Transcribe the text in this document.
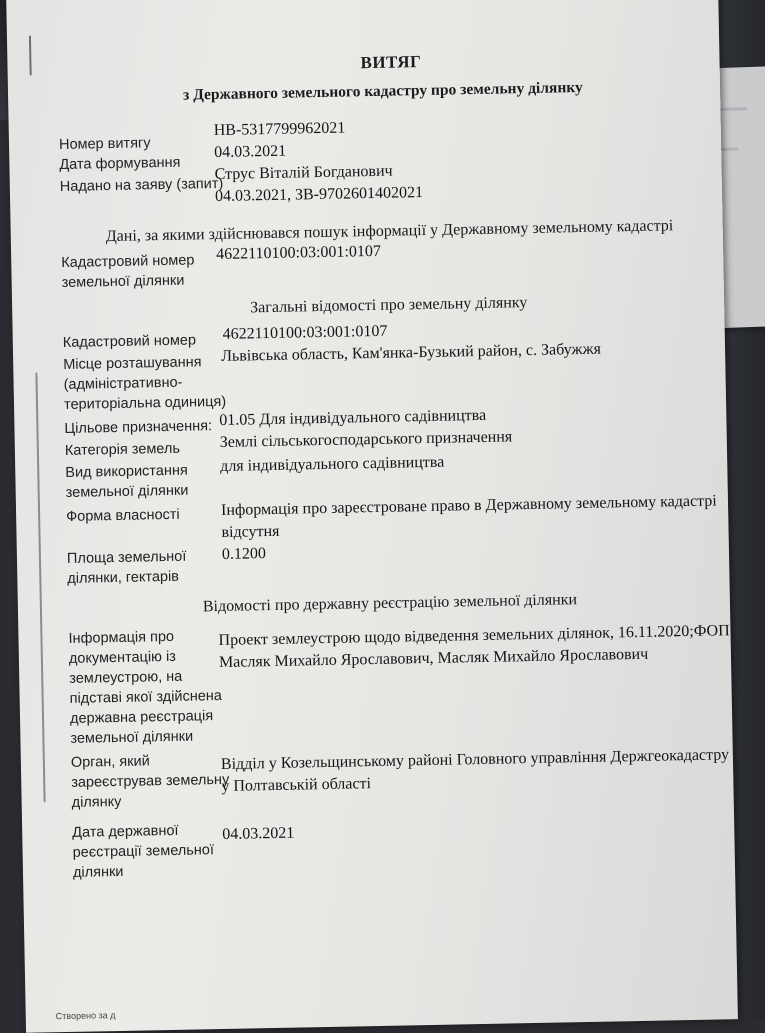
ВИТЯГ
з Державного земельного кадастру про земельну ділянку
Номер витягу
НВ-5317799962021
Дата формування
04.03.2021
Надано на заяву (запит)
Струс Віталій Богданович
04.03.2021, ЗВ-9702601402021
Дані, за якими здійснювався пошук інформації у Державному земельному кадастрі
Кадастровий номер
земельної ділянки
4622110100:03:001:0107
Загальні відомості про земельну ділянку
Кадастровий номер 4622110100:03:001:0107
Місце розташування
(адміністративно-
територіальна одиниця)
Львівська область, Кам'янка-Бузький район, с. Забужжя
Цільове призначення: 01.05 Для індивідуального садівництва
Категорія земель Землі сільськогосподарського призначення
Вид використання
земельної ділянки
для індивідуального садівництва
Форма власності	Інформація про зареєстроване право в Державному земельному кадастрі
відсутня
Площа земельної
ділянки, гектарів
0.1200
Відомості про державну реєстрацію земельної ділянки
Інформація про
документацію із
землеустрою, на
підставі якої здійснена
державна реєстрація
земельної ділянки
Проект землеустрою щодо відведення земельних ділянок, 16.11.2020;ФОП
Масляк Михайло Ярославович, Масляк Михайло Ярославович
Орган, який
зареєстрував земельну
ділянку
Відділ у Козельщинському районі Головного управління Держгеокадастру
у Полтавській області
Дата державної
реєстрації земельної
ділянки
04.03.2021
Створено за д
